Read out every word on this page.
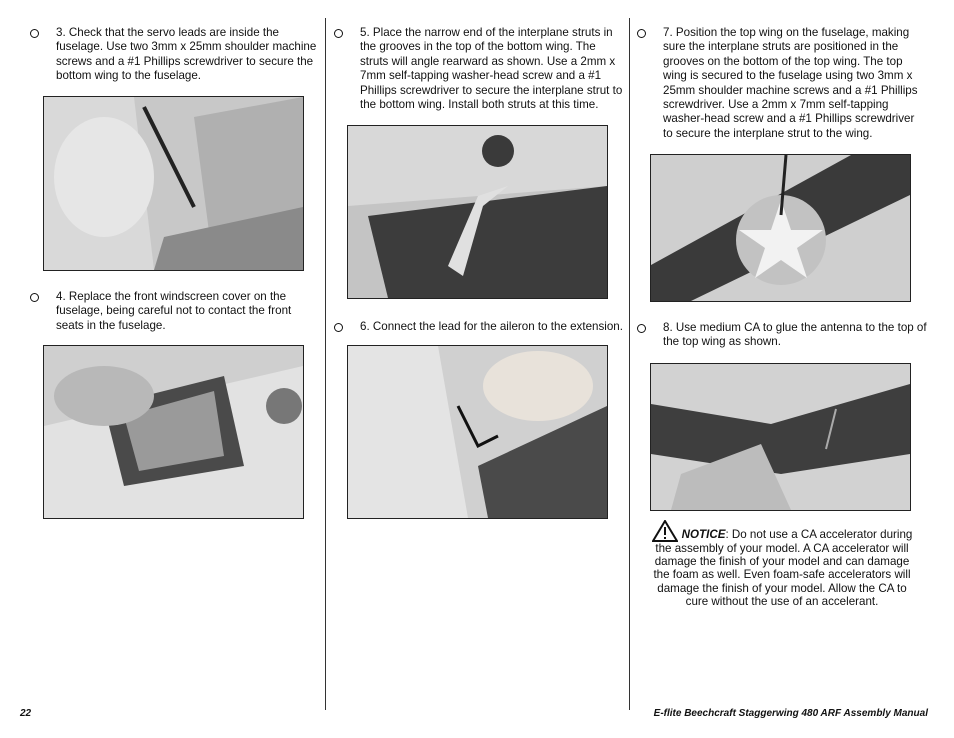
3. Check that the servo leads are inside the fuselage. Use two 3mm x 25mm shoulder machine screws and a #1 Phillips screwdriver to secure the bottom wing to the fuselage.
4. Replace the front windscreen cover on the fuselage, being careful not to contact the front seats in the fuselage.
5. Place the narrow end of the interplane struts in the grooves in the top of the bottom wing. The struts will angle rearward as shown. Use a 2mm x 7mm self-tapping washer-head screw and a #1 Phillips screwdriver to secure the interplane strut to the bottom wing. Install both struts at this time.
6. Connect the lead for the aileron to the extension.
7. Position the top wing on the fuselage, making sure the interplane struts are positioned in the grooves on the bottom of the top wing. The top wing is secured to the fuselage using two 3mm x 25mm shoulder machine screws and a #1 Phillips screwdriver. Use a 2mm x 7mm self-tapping washer-head screw and a #1 Phillips screwdriver to secure the interplane strut to the wing.
8. Use medium CA to glue the antenna to the top of the top wing as shown.
NOTICE: Do not use a CA accelerator during the assembly of your model. A CA accelerator will damage the finish of your model and can damage the foam as well. Even foam-safe accelerators will damage the finish of your model. Allow the CA to cure without the use of an accelerant.
22	E-flite Beechcraft Staggerwing 480 ARF Assembly Manual
